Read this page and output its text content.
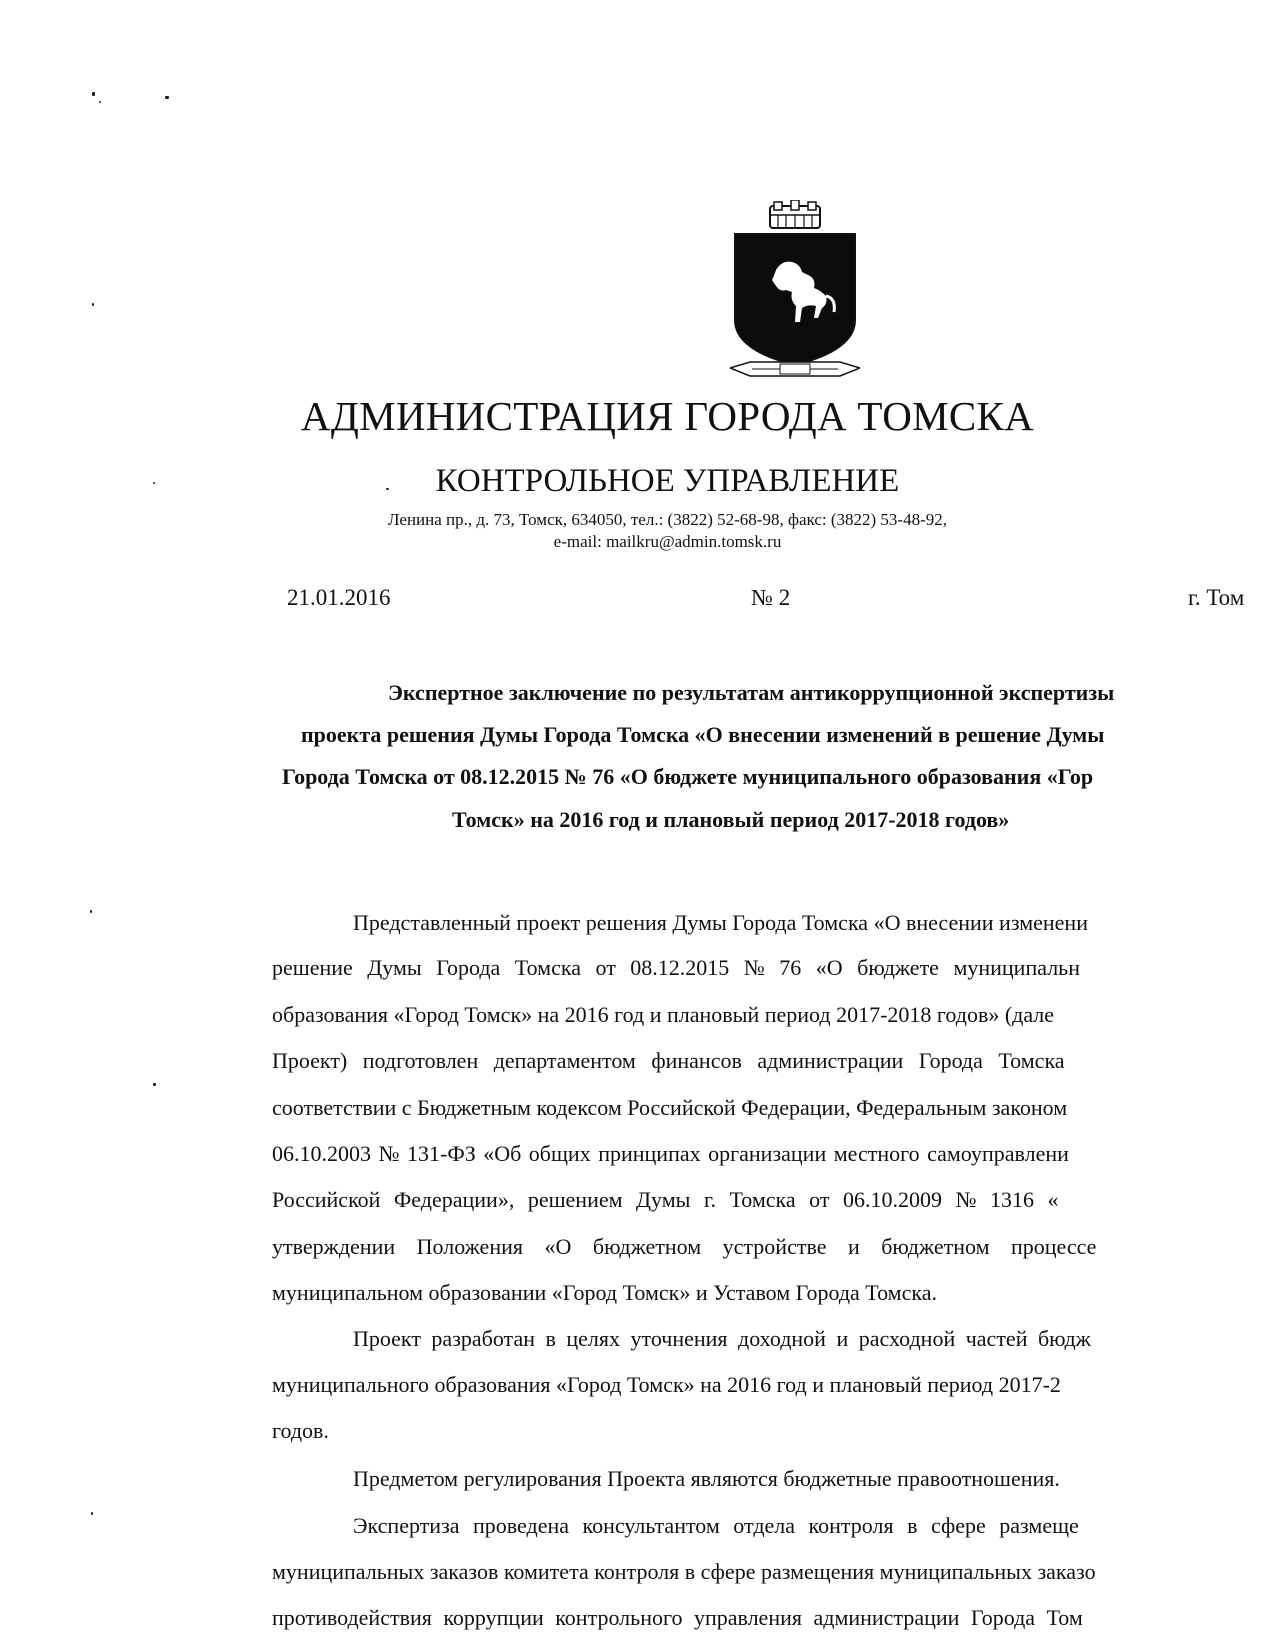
АДМИНИСТРАЦИЯ ГОРОДА ТОМСКА
КОНТРОЛЬНОЕ УПРАВЛЕНИЕ
Ленина пр., д. 73, Томск, 634050, тел.: (3822) 52-68-98, факс: (3822) 53-48-92,
e-mail: mailkru@admin.tomsk.ru
21.01.2016	№ 2	г. Том
Экспертное заключение по результатам антикоррупционной экспертизы
проекта решения Думы Города Томска «О внесении изменений в решение Думы
Города Томска от 08.12.2015 № 76 «О бюджете муниципального образования «Гор
Томск» на 2016 год и плановый период 2017-2018 годов»
Представленный проект решения Думы Города Томска «О внесении изменени
решение Думы Города Томска от 08.12.2015 № 76 «О бюджете муниципальн
образования «Город Томск» на 2016 год и плановый период 2017-2018 годов» (дале
Проект) подготовлен департаментом финансов администрации Города Томска
соответствии с Бюджетным кодексом Российской Федерации, Федеральным законом
06.10.2003 № 131-ФЗ «Об общих принципах организации местного самоуправлени
Российской Федерации», решением Думы г. Томска от 06.10.2009 № 1316 «
утверждении Положения «О бюджетном устройстве и бюджетном процессе
муниципальном образовании «Город Томск» и Уставом Города Томска.
Проект разработан в целях уточнения доходной и расходной частей бюдж
муниципального образования «Город Томск» на 2016 год и плановый период 2017-2
годов.
Предметом регулирования Проекта являются бюджетные правоотношения.
Экспертиза проведена консультантом отдела контроля в сфере размеще
муниципальных заказов комитета контроля в сфере размещения муниципальных заказо
противодействия коррупции контрольного управления администрации Города Том
